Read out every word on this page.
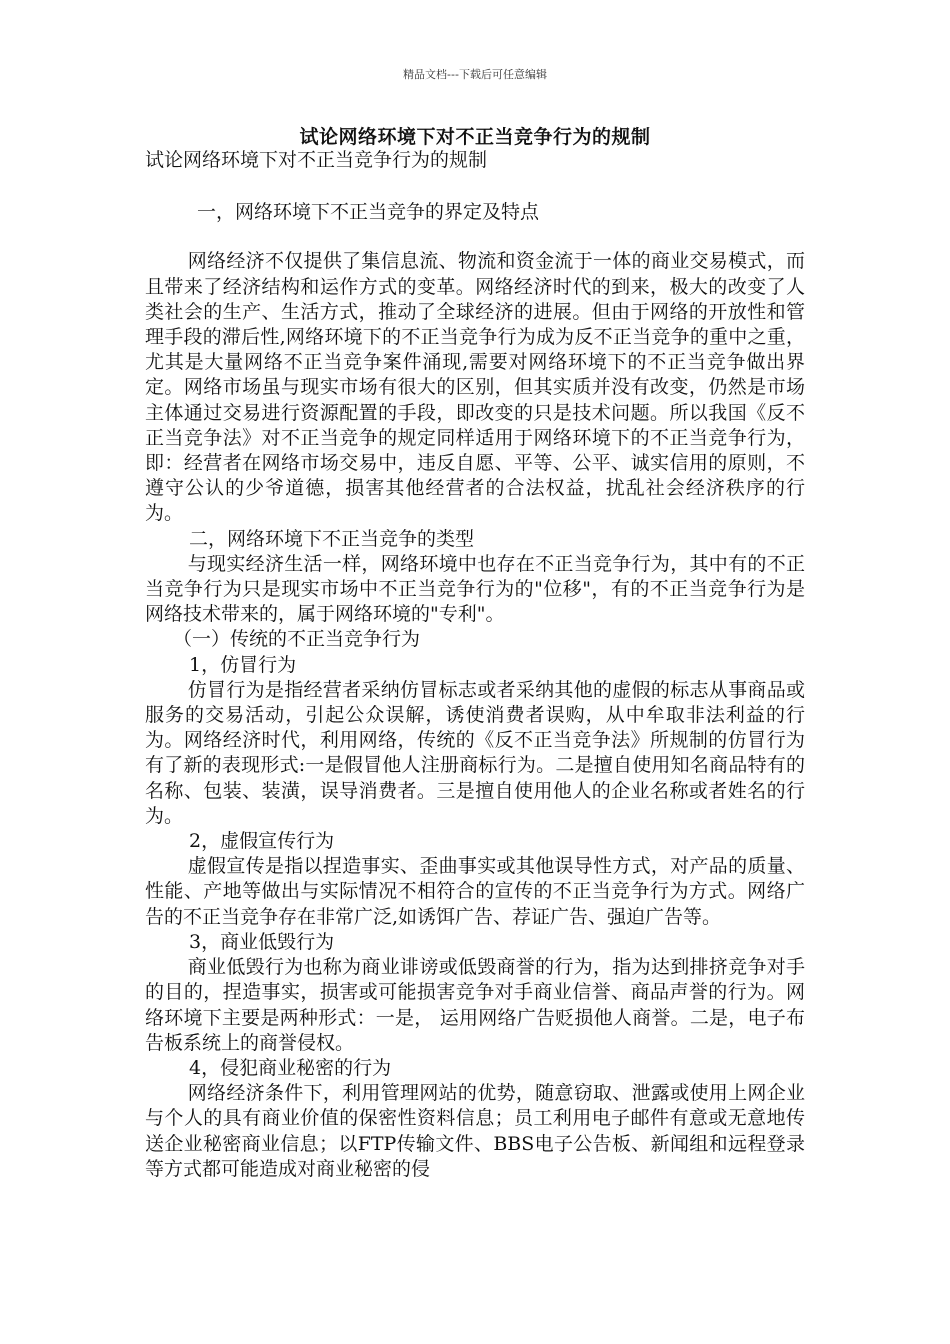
精品文档---下载后可任意编辑
试论网络环境下对不正当竞争行为的规制

试论网络环境下对不正当竞争行为的规制

一，网络环境下不正当竞争的界定及特点

网络经济不仅提供了集信息流、物流和资金流于一体的商业交易模式，而且带来了经济结构和运作方式的变革。网络经济时代的到来，极大的改变了人类社会的生产、生活方式，推动了全球经济的进展。但由于网络的开放性和管理手段的滞后性,网络环境下的不正当竞争行为成为反不正当竞争的重中之重，尤其是大量网络不正当竞争案件涌现,需要对网络环境下的不正当竞争做出界定。网络市场虽与现实市场有很大的区别，但其实质并没有改变，仍然是市场主体通过交易进行资源配置的手段，即改变的只是技术问题。所以我国《反不正当竞争法》对不正当竞争的规定同样适用于网络环境下的不正当竞争行为，即：经营者在网络市场交易中，违反自愿、平等、公平、诚实信用的原则，不遵守公认的少爷道德，损害其他经营者的合法权益，扰乱社会经济秩序的行为。

二，网络环境下不正当竞争的类型

与现实经济生活一样，网络环境中也存在不正当竞争行为，其中有的不正当竞争行为只是现实市场中不正当竞争行为的"位移"，有的不正当竞争行为是网络技术带来的，属于网络环境的"专利"。

（一）传统的不正当竞争行为

1，仿冒行为

仿冒行为是指经营者采纳仿冒标志或者采纳其他的虚假的标志从事商品或服务的交易活动，引起公众误解，诱使消费者误购，从中牟取非法利益的行为。网络经济时代，利用网络，传统的《反不正当竞争法》所规制的仿冒行为有了新的表现形式:一是假冒他人注册商标行为。二是擅自使用知名商品特有的名称、包装、装潢，误导消费者。三是擅自使用他人的企业名称或者姓名的行为。

2，虚假宣传行为

虚假宣传是指以捏造事实、歪曲事实或其他误导性方式，对产品的质量、性能、产地等做出与实际情况不相符合的宣传的不正当竞争行为方式。网络广告的不正当竞争存在非常广泛,如诱饵广告、荐证广告、强迫广告等。

3，商业低毁行为

商业低毁行为也称为商业诽谤或低毁商誉的行为，指为达到排挤竞争对手的目的，捏造事实，损害或可能损害竞争对手商业信誉、商品声誉的行为。网络环境下主要是两种形式：一是， 运用网络广告贬损他人商誉。二是，电子布告板系统上的商誉侵权。

4，侵犯商业秘密的行为

网络经济条件下，利用管理网站的优势，随意窃取、泄露或使用上网企业与个人的具有商业价值的保密性资料信息；员工利用电子邮件有意或无意地传送企业秘密商业信息；以FTP传输文件、BBS电子公告板、新闻组和远程登录等方式都可能造成对商业秘密的侵
